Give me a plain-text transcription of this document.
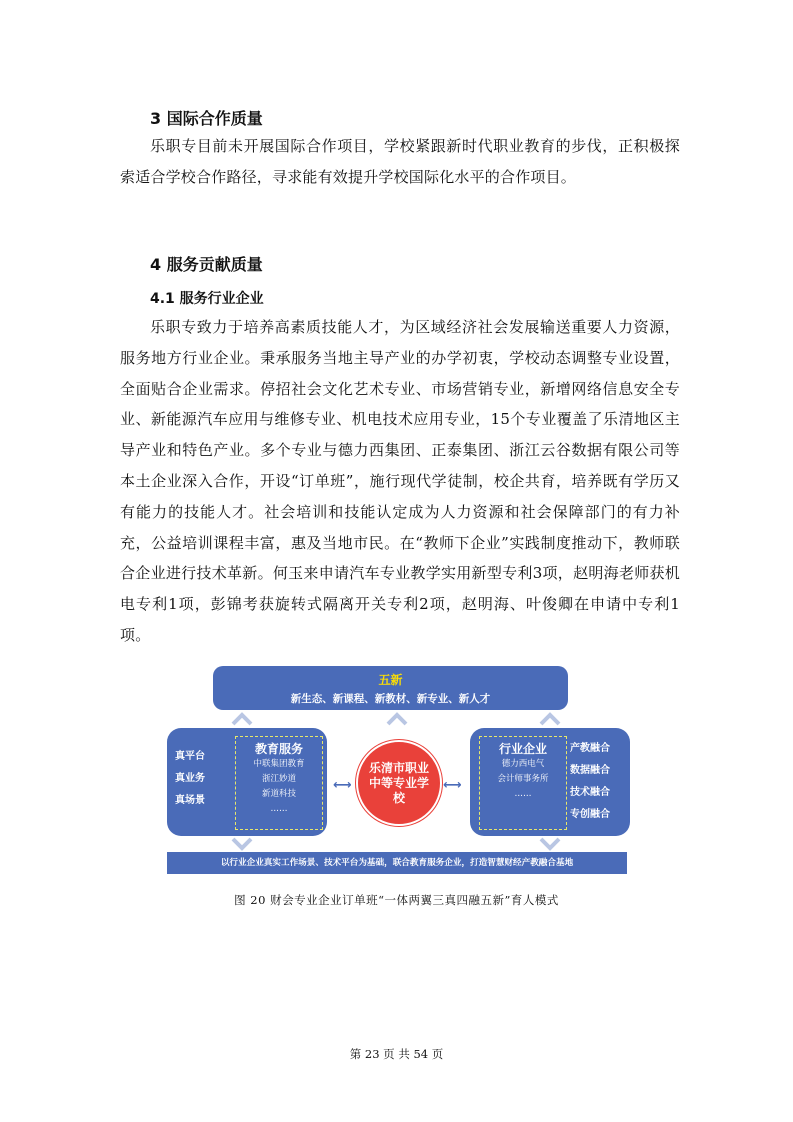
3 国际合作质量

乐职专目前未开展国际合作项目，学校紧跟新时代职业教育的步伐，正积极探索适合学校合作路径，寻求能有效提升学校国际化水平的合作项目。

4 服务贡献质量
4.1 服务行业企业

乐职专致力于培养高素质技能人才，为区域经济社会发展输送重要人力资源，服务地方行业企业。秉承服务当地主导产业的办学初衷，学校动态调整专业设置，全面贴合企业需求。停招社会文化艺术专业、市场营销专业，新增网络信息安全专业、新能源汽车应用与维修专业、机电技术应用专业，15个专业覆盖了乐清地区主导产业和特色产业。多个专业与德力西集团、正泰集团、浙江云谷数据有限公司等本土企业深入合作，开设“订单班”，施行现代学徒制，校企共育，培养既有学历又有能力的技能人才。社会培训和技能认定成为人力资源和社会保障部门的有力补充，公益培训课程丰富，惠及当地市民。在“教师下企业”实践制度推动下，教师联合企业进行技术革新。何玉来申请汽车专业教学实用新型专利3项，赵明海老师获机电专利1项，彭锦考获旋转式隔离开关专利2项，赵明海、叶俊卿在申请中专利1项。

五新
新生态、新课程、新教材、新专业、新人才
真平台
真业务
真场景
教育服务
中联集团教育
浙江妙道
新道科技
……
⟷
乐清市职业中等专业学校
⟷
行业企业
德力西电气
会计师事务所
……
产教融合
数据融合
技术融合
专创融合
以行业企业真实工作场景、技术平台为基础，联合教育服务企业，打造智慧财经产教融合基地

图 20 财会专业企业订单班“一体两翼三真四融五新”育人模式

第 23 页 共 54 页
